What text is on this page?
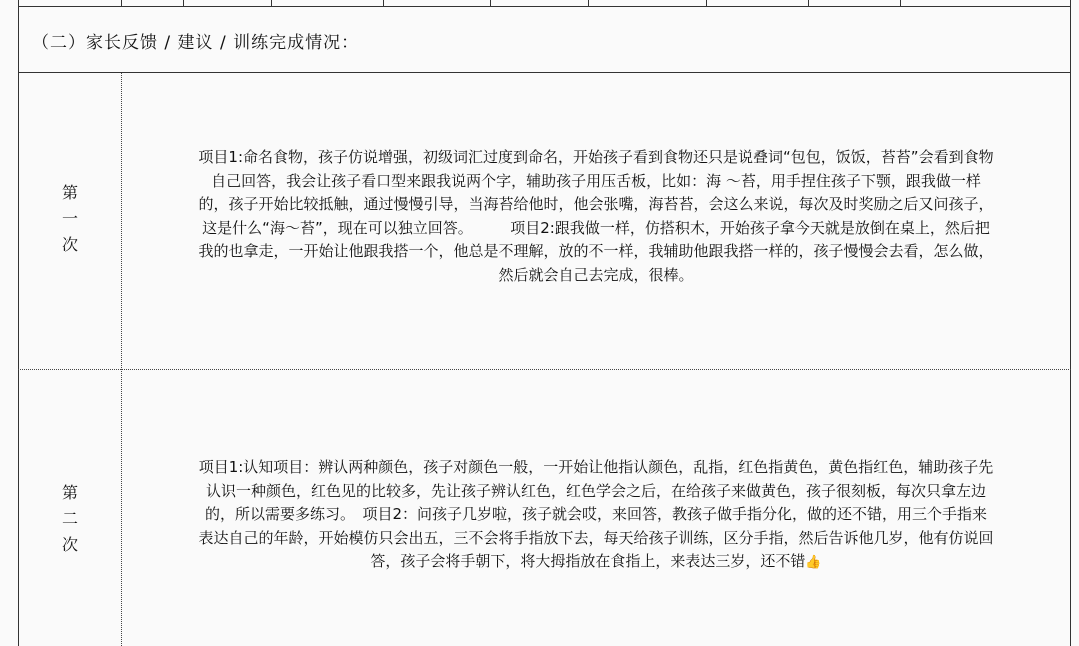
（二）家长反馈 / 建议 / 训练完成情况：
第
一
次
项目1:命名食物，孩子仿说增强，初级词汇过度到命名，开始孩子看到食物还只是说叠词“包包，饭饭，苔苔”会看到食物
自己回答，我会让孩子看口型来跟我说两个字，辅助孩子用压舌板，比如：海 ～苔，用手捏住孩子下颚，跟我做一样
的，孩子开始比较抵触，通过慢慢引导，当海苔给他时，他会张嘴，海苔苔，会这么来说，每次及时奖励之后又问孩子，
这是什么“海～苔”，现在可以独立回答。　　　项目2:跟我做一样，仿搭积木，开始孩子拿今天就是放倒在桌上，然后把
我的也拿走，一开始让他跟我搭一个，他总是不理解，放的不一样，我辅助他跟我搭一样的，孩子慢慢会去看，怎么做，
然后就会自己去完成，很棒。
第
二
次
项目1:认知项目：辨认两种颜色，孩子对颜色一般，一开始让他指认颜色，乱指，红色指黄色，黄色指红色，辅助孩子先
认识一种颜色，红色见的比较多，先让孩子辨认红色，红色学会之后，在给孩子来做黄色，孩子很刻板，每次只拿左边
的，所以需要多练习。　项目2：问孩子几岁啦，孩子就会哎，来回答，教孩子做手指分化，做的还不错，用三个手指来
表达自己的年龄，开始模仿只会出五，三不会将手指放下去，每天给孩子训练，区分手指，然后告诉他几岁，他有仿说回
答，孩子会将手朝下，将大拇指放在食指上，来表达三岁，还不错👍
